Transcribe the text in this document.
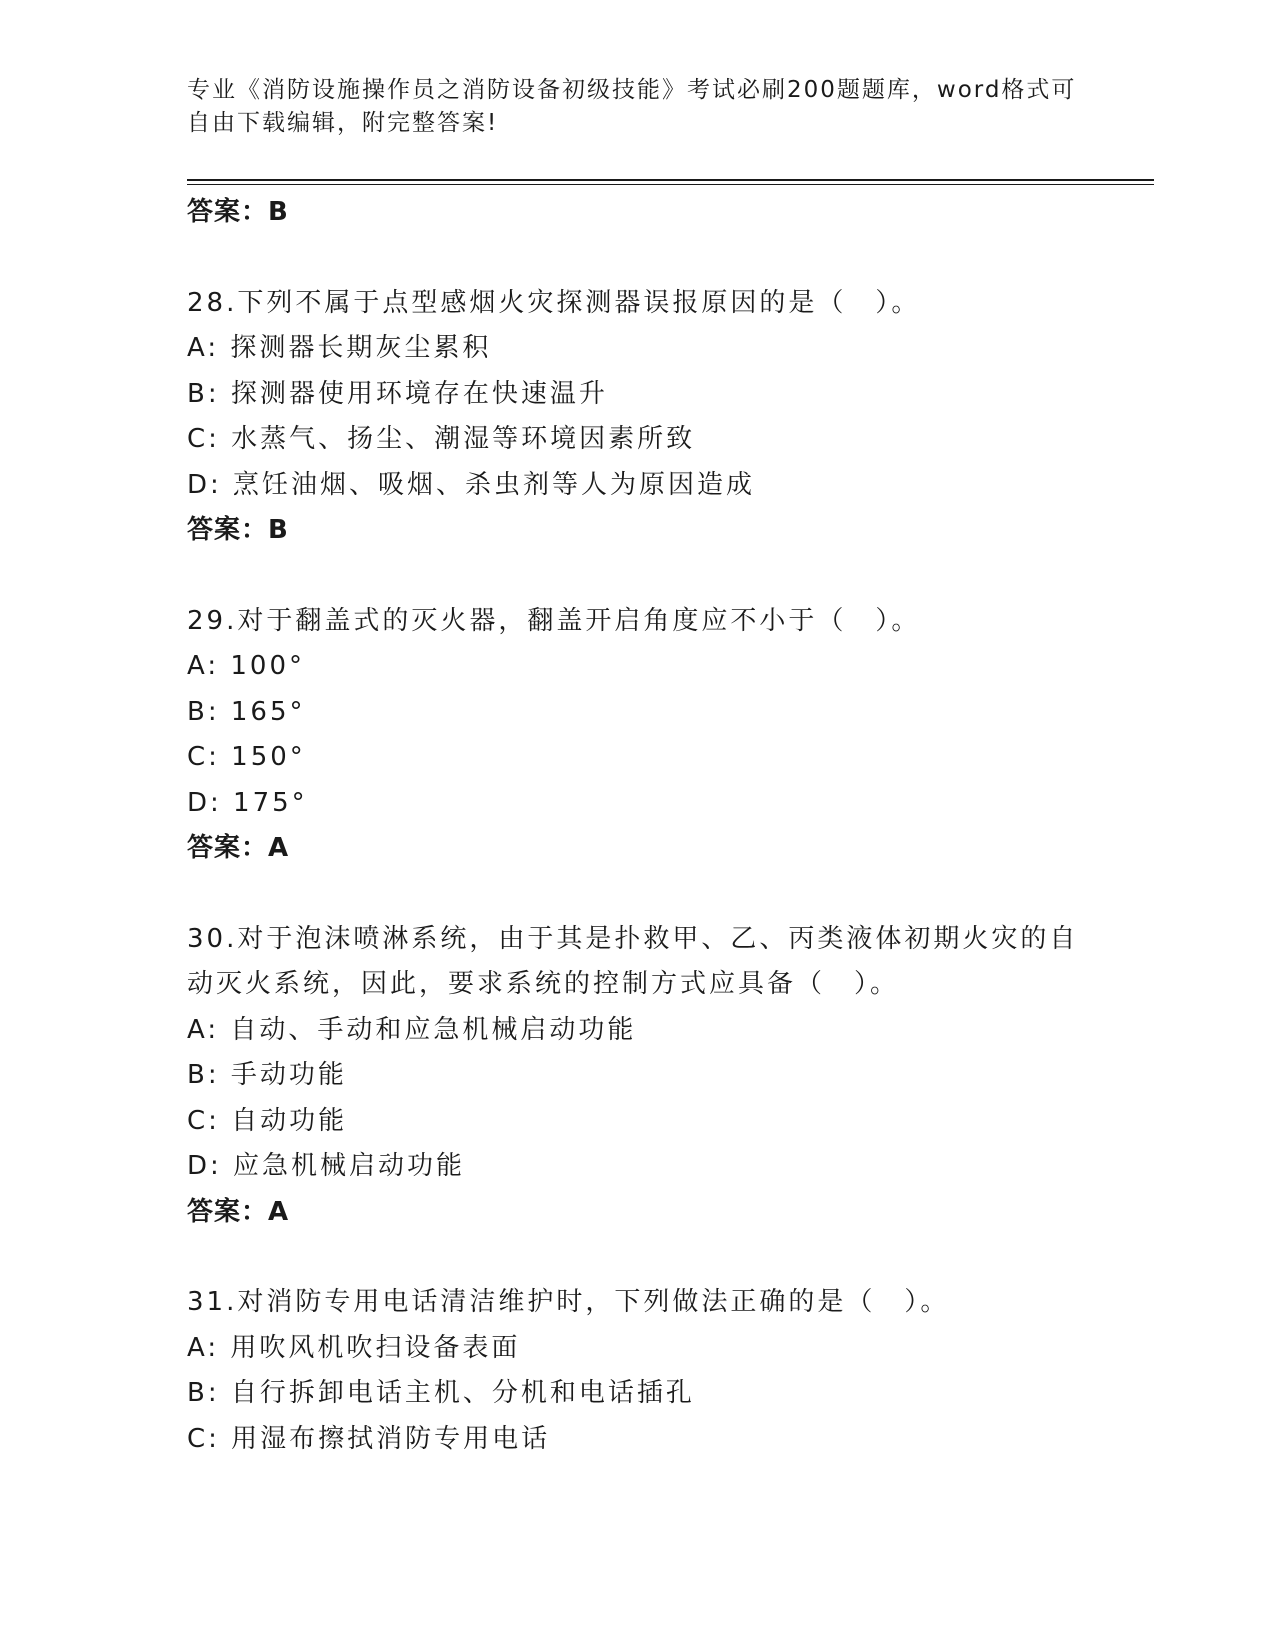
专业《消防设施操作员之消防设备初级技能》考试必刷200题题库，word格式可
自由下载编辑，附完整答案!
答案：B
28.下列不属于点型感烟火灾探测器误报原因的是（　）。
A: 探测器长期灰尘累积
B: 探测器使用环境存在快速温升
C: 水蒸气、扬尘、潮湿等环境因素所致
D: 烹饪油烟、吸烟、杀虫剂等人为原因造成
答案：B
29.对于翻盖式的灭火器，翻盖开启角度应不小于（　）。
A: 100°
B: 165°
C: 150°
D: 175°
答案：A
30.对于泡沫喷淋系统，由于其是扑救甲、乙、丙类液体初期火灾的自
动灭火系统，因此，要求系统的控制方式应具备（　）。
A: 自动、手动和应急机械启动功能
B: 手动功能
C: 自动功能
D: 应急机械启动功能
答案：A
31.对消防专用电话清洁维护时，下列做法正确的是（　）。
A: 用吹风机吹扫设备表面
B: 自行拆卸电话主机、分机和电话插孔
C: 用湿布擦拭消防专用电话
